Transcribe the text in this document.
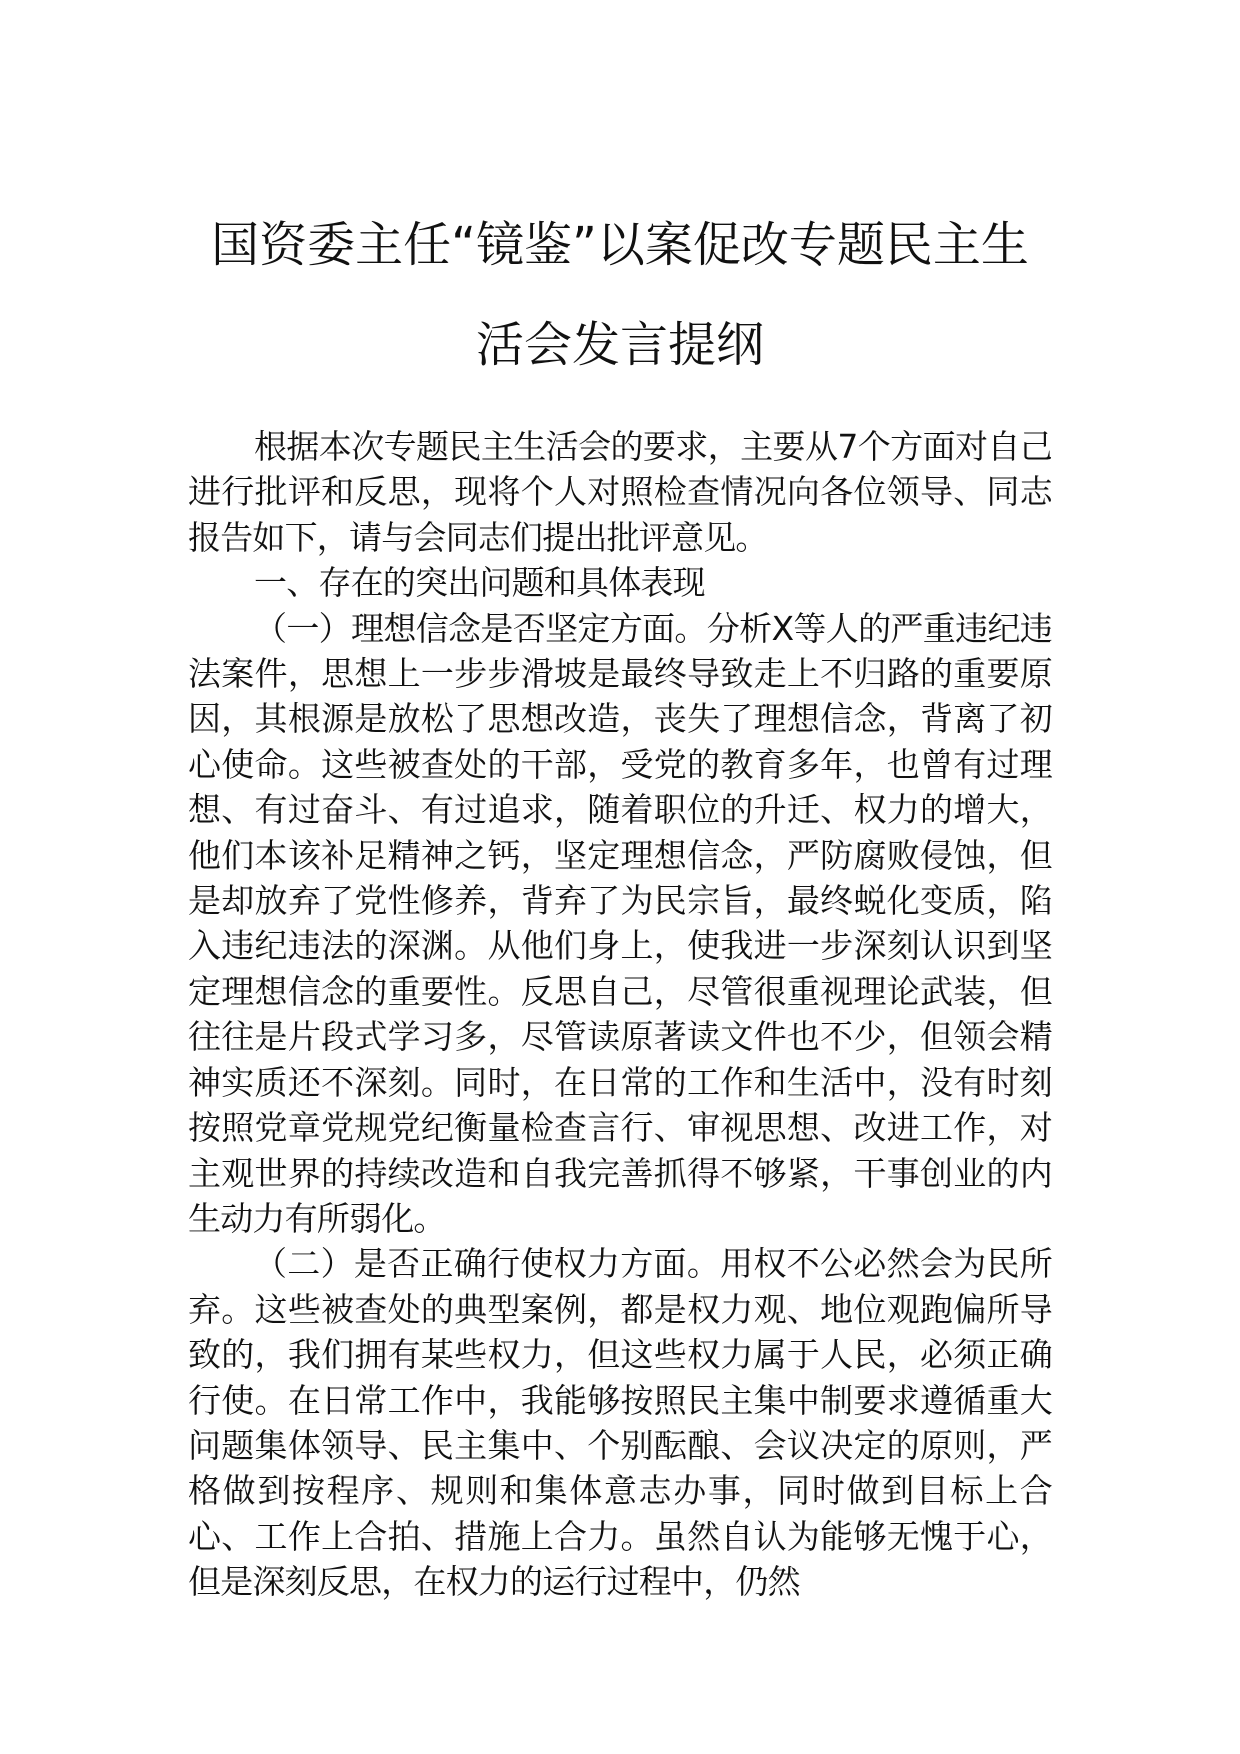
国资委主任“镜鉴”以案促改专题民主生
活会发言提纲

根据本次专题民主生活会的要求，主要从7个方面对自己进行批评和反思，现将个人对照检查情况向各位领导、同志报告如下，请与会同志们提出批评意见。

一、存在的突出问题和具体表现

（一）理想信念是否坚定方面。分析X等人的严重违纪违法案件，思想上一步步滑坡是最终导致走上不归路的重要原因，其根源是放松了思想改造，丧失了理想信念，背离了初心使命。这些被查处的干部，受党的教育多年，也曾有过理想、有过奋斗、有过追求，随着职位的升迁、权力的增大，他们本该补足精神之钙，坚定理想信念，严防腐败侵蚀，但是却放弃了党性修养，背弃了为民宗旨，最终蜕化变质，陷入违纪违法的深渊。从他们身上，使我进一步深刻认识到坚定理想信念的重要性。反思自己，尽管很重视理论武装，但往往是片段式学习多，尽管读原著读文件也不少，但领会精神实质还不深刻。同时，在日常的工作和生活中，没有时刻按照党章党规党纪衡量检查言行、审视思想、改进工作，对主观世界的持续改造和自我完善抓得不够紧，干事创业的内生动力有所弱化。

（二）是否正确行使权力方面。用权不公必然会为民所弃。这些被查处的典型案例，都是权力观、地位观跑偏所导致的，我们拥有某些权力，但这些权力属于人民，必须正确行使。在日常工作中，我能够按照民主集中制要求遵循重大问题集体领导、民主集中、个别酝酿、会议决定的原则，严格做到按程序、规则和集体意志办事，同时做到目标上合心、工作上合拍、措施上合力。虽然自认为能够无愧于心，但是深刻反思，在权力的运行过程中，仍然
